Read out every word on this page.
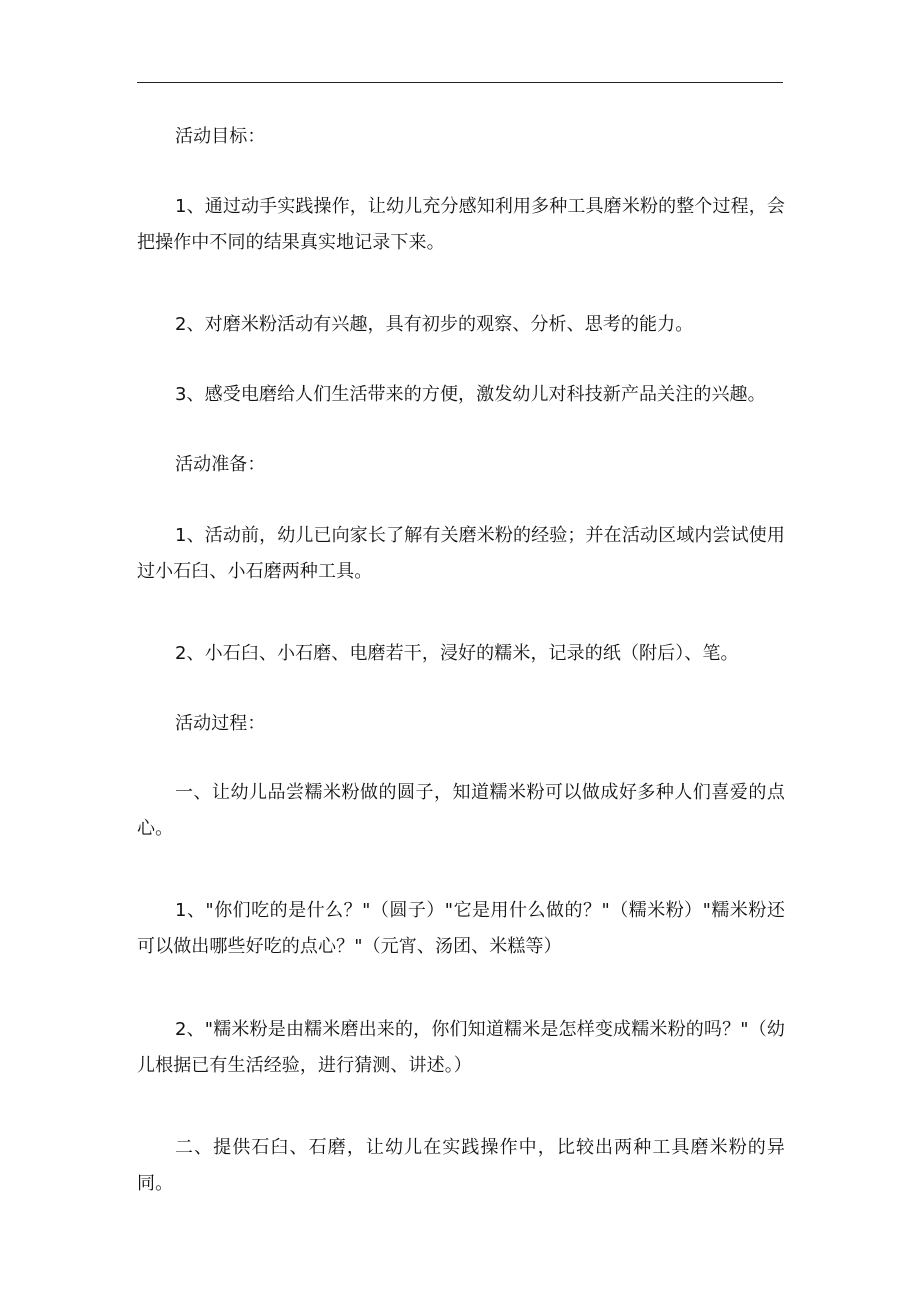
活动目标：

1、通过动手实践操作，让幼儿充分感知利用多种工具磨米粉的整个过程，会把操作中不同的结果真实地记录下来。

2、对磨米粉活动有兴趣，具有初步的观察、分析、思考的能力。

3、感受电磨给人们生活带来的方便，激发幼儿对科技新产品关注的兴趣。

活动准备：

1、活动前，幼儿已向家长了解有关磨米粉的经验；并在活动区域内尝试使用过小石臼、小石磨两种工具。

2、小石臼、小石磨、电磨若干，浸好的糯米，记录的纸（附后）、笔。

活动过程：

一、让幼儿品尝糯米粉做的圆子，知道糯米粉可以做成好多种人们喜爱的点心。

1、"你们吃的是什么？"（圆子）"它是用什么做的？"（糯米粉）"糯米粉还可以做出哪些好吃的点心？"（元宵、汤团、米糕等）

2、"糯米粉是由糯米磨出来的，你们知道糯米是怎样变成糯米粉的吗？"（幼儿根据已有生活经验，进行猜测、讲述。）

二、提供石臼、石磨，让幼儿在实践操作中，比较出两种工具磨米粉的异同。
